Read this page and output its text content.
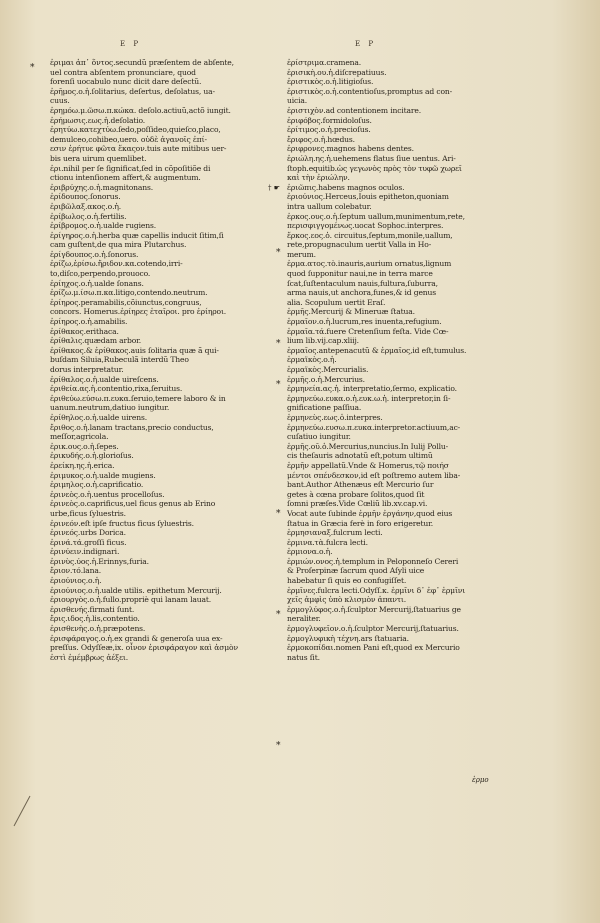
E P	E P
*
† ☛
*
*
*
*
*
*
ἐριμαι ἀπ᾽ ὅντος.secundũ præſentem de abſente,
uel contra abſentem pronunciare, quod
forenſi uocabulo nunc dicit dare deſectũ.
ἐρῆμος.ο.ἡ.ſolitarius, deſertus, deſolatus, ua-
cuus.
ἐρημόω.μ.ῶσω.π.κώκα. deſolo.actiuũ,actõ iungit.
ἐρήμωσις.εως.ἡ.deſolatio.
ἐρητύω.κατεχτύω.ſedo,poſſideo,quieſco,placo,
demulceo,cohibeo,uero. οὐδὲ ἀγανοῖς ἐπί-
εσιν ἐρήτυε φῶτα ἕκαςον.tuis aute mitibus uer-
bis uera uirum quemlibet.
ἐρι.nihil per ſe ſignificat,ſed in cõpoſitiõe di
ctionu intenſionem affert,& augmentum.
ἐριβρύχης.ο.ἡ.magnitonans.
ἐρίδουπος.ſonorus.
ἐριβῶλαξ.ακος.ο.ἡ.
ἐρίβωλος.ο.ἡ.fertilis.
ἐρίβρομος.ο.ἡ.ualde rugiens.
ἐρίγηρος.ο.ἡ.herba quæ capellis inducit ſitim,ſi
cam guſtent,de qua mira Plutarchus.
ἐρίγδουπος.ο.ἡ.ſonorus.
ἐρίζω,ἐρίσω.ἤριδον.κα.cotendo,irri-
to,diſco,perpendo,prouoco.
ἐρίηχος.ο.ἡ.ualde ſonans.
ἐρίζω.μ.ίσω.π.κα.litigo,contendo.neutrum.
ἐρίηρος.peramabilis,cõiunctus,congruus,
concors. Homerus.ἐρίηρες ἑταῖροι. pro ἐρίηροι.
ἐρίηρος.ο.ἡ.amabilis.
ἐρίθακος.erithaca.
ἐρίθαλις.quædam arbor.
ἐρίθακος.& ἐρίθακος.auis ſolitaria quæ ã qui-
buſdam Siluia,Rubeculã interdũ Theo
dorus interpretatur.
ἐρίθαλος.ο.ἡ.ualde uireſcens.
ἐριθεία.ας.ἡ.contentio,rixa,ſeruitus.
ἐριθεύω.εύσω.π.ευκα.ſeruio,temere laboro & in
uanum.neutrum,datiuo iungitur.
ἐρίθηλος.ο.ἡ.ualde uirens.
ἔριθος.ο.ἡ.lanam tractans,precio conductus,
meſſor,agricola.
ἐρικ.ους.ο.ἡ.ſepes.
ἐρικυδής.ο.ἡ.glorioſus.
ἐρείκη.ης.ἡ.erica.
ἐριμυκος.ο.ἡ.ualde mugiens.
ἐριμηλος.ο.ἡ.caprificatio.
ἐρινεὸς.ο.ἡ.uentus procelloſus.
ἐρινεὸς.ο.caprificus,uel ficus genus ab Erino
urbe,ficus ſyluestris.
ἐρινεόν.eſt ipſe fructus ficus ſyluestris.
ἐρινεός.urbs Dorica.
ἐρινά.τά.groſſi ficus.
ἐρινύειν.indignari.
ἐρινὺς.ύος.ἡ.Erinnys,furia.
ἔριον.τό.lana.
ἐριούνιος.ο.ἡ.
ἐριούνιος.ο.ἡ.ualde utilis. epithetum Mercurij.
ἐριουργὸς.ο.ἡ.fullo.propriè qui lanam lauat.
ἐρισθενής.firmati ſunt.
ἔρις.ιδος.ἡ.lis,contentio.
ἐρισθενὴς.ο.ἡ.præpotens.
ἐρισφάραγος.ο.ἡ.ex grandi & generoſa uua ex-
preſſus. Odyſſeæ,ix. οἶνον ἐρισφάραγον καὶ ἀσμὸν
ἐστὶ ἐμέμβρως ἀέξει.
ἐρίστριμα.cramena.
ἐρισικὴ.ου.ἡ.diſcrepatiuus.
ἐριστικὸς.ο.ἡ.litigioſus.
ἐριστικὸς.ο.ἡ.contentioſus,promptus ad con-
uicia.
ἐριστιχὸν.ad contentionem incitare.
ἐριφόβος.formidoloſus.
ἐρίτιμος.ο.ἡ.precioſus.
ἔριφος.ο.ἡ.hœdus.
ἐριφρονες.magnos habens dentes.
ἐριώλη.ης.ἡ.uehemens flatus ſiue uentus. Ari-
ſtoph.equitib.ὡς γεγωνὸς πρὸς τὸν τυφῶ χωρεῖ
καὶ τὴν ἐριώλην.
ἐριῶπις.habens magnos oculos.
ἐριούνιος.Herceus,Iouis epitheton,quoniam
intra uallum colebatur.
ἐρκος.ους.ο.ἡ.ſeptum uallum,munimentum,rete,
περισφιγγομένως.uocat Sophoc.interpres.
ἕρκος.εος.ὁ. circuitus,ſeptum,monile,uallum,
rete,propugnaculum uertit Valla in Ho-
merum.
ἐρμα.ατος.τὸ.inauris,aurium ornatus,lignum
quod ſupponitur naui,ne in terra marce
ſcat,ſuſtentaculum nauis,fultura,ſuburra,
arma nauis,ut anchora,funes,& id genus
alia. Scopulum uertit Eraſ.
ἑρμῆς.Mercurij & Mineruæ ſtatua.
ἑρμαῖον.ο.ἡ.lucrum,res inuenta,refugium.
ἑρμαῖα.τά.fuere Cretenſium feſta. Vide Cœ-
lium lib.vij.cap.xliij.
ἑρμαῖος.antepenacutũ & ἑρμαῖος,id eſt,tumulus.
ἑρμαϊκὸς.ο.ἡ.
ἑρμαϊκὸς.Mercurialis.
ἑρμῆς.ο.ἡ.Mercurius.
ἑρμηνεία.ας.ἡ. interpretatio,ſermo, explicatio.
ἑρμηνεύω.ευκα.ο.ἡ.ευκ.ω.ἡ. interpretor,in ſi-
gnificatione paſſiua.
ἑρμηνεὺς.εως.ὁ.interpres.
ἑρμηνεύω.ευσω.π.ευκα.interpretor.actiuum,ac-
cuſatiuo iungitur.
ἑρμῆς.οῦ.ὁ.Mercurius,nuncius.In Iulij Pollu-
cis theſauris adnotatũ eſt,potum ultimũ
ἑρμῆν appellatũ.Vnde & Homerus,τῷ ποιήσ
μέντοι σπένδεσκον,id eſt poſtremo autem liba-
bant.Author Athenæus eſt Mercurio ſur
getes à cœna probare ſolitos,quod ſit
ſomni præſes.Vide Cœliũ lib.xv.cap.vi.
Vocat aute ſubinde ἑρμῆν ἐργάνην,quod eius
ſtatua in Græcia ferè in foro erigeretur.
ἑρμησιαναξ.fulcrum lecti.
ἑρμινα.τὰ.fulcra lecti.
ἑρμιονα.ο.ἡ.
ἑρμιών.ονος.ἡ.templum in Peloponneſo Cereri
& Proſerpinæ ſacrum quod Aſyli uice
habebatur ſi quis eo confugiſſet.
ἑρμῖνες.fulcra lecti.Odyſſ.κ. ἑρμῖνι δ᾽ ἐφ᾽ ἑρμῖνι
χεῖς ἀμφὶς ὑπὸ κλισμὸν ἀπαντι.
ἑρμογλύφος.ο.ἡ.ſculptor Mercurij,ſtatuarius ge
neraliter.
ἑρμογλυφεῖον.ο.ἡ.ſculptor Mercurij,ſtatuarius.
ἑρμογλυφικὴ τέχνη.ars ſtatuaria.
ἑρμοκοπίδαι.nomen Pani eſt,quod ex Mercurio
natus ſit.
ἑρμο
